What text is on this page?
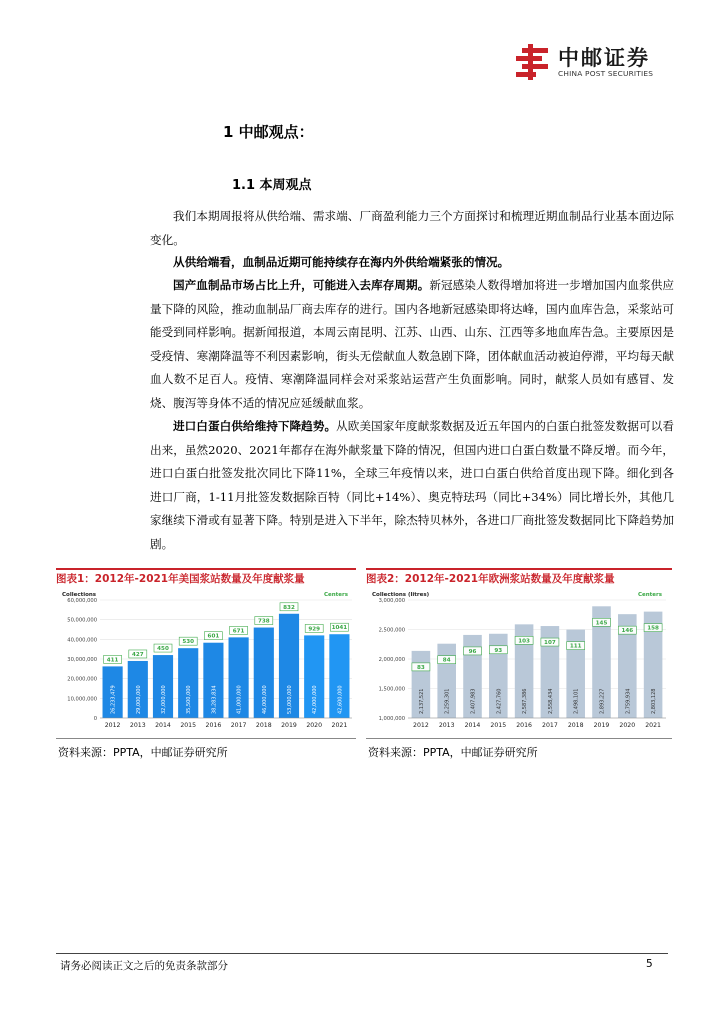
中邮证券
CHINA POST SECURITIES
1 中邮观点：
1.1 本周观点
我们本期周报将从供给端、需求端、厂商盈利能力三个方面探讨和梳理近期血制品行业基本面边际变化。
从供给端看，血制品近期可能持续存在海内外供给端紧张的情况。
国产血制品市场占比上升，可能进入去库存周期。新冠感染人数得增加将进一步增加国内血浆供应量下降的风险，推动血制品厂商去库存的进行。国内各地新冠感染即将达峰，国内血库告急，采浆站可能受到同样影响。据新闻报道，本周云南昆明、江苏、山西、山东、江西等多地血库告急。主要原因是受疫情、寒潮降温等不利因素影响，街头无偿献血人数急剧下降，团体献血活动被迫停滞，平均每天献血人数不足百人。疫情、寒潮降温同样会对采浆站运营产生负面影响。同时，献浆人员如有感冒、发烧、腹泻等身体不适的情况应延缓献血浆。
进口白蛋白供给维持下降趋势。从欧美国家年度献浆数据及近五年国内的白蛋白批签发数据可以看出来，虽然2020、2021年都存在海外献浆量下降的情况，但国内进口白蛋白数量不降反增。而今年，进口白蛋白批签发批次同比下降11%，全球三年疫情以来，进口白蛋白供给首度出现下降。细化到各进口厂商，1-11月批签发数据除百特（同比+14%）、奥克特珐玛（同比+34%）同比增长外，其他几家继续下滑或有显著下降。特别是进入下半年，除杰特贝林外，各进口厂商批签发数据同比下降趋势加剧。
图表1：2012年-2021年美国浆站数量及年度献浆量
Collections	Centers
0
10,000,000
20,000,000
30,000,000
40,000,000
50,000,000
60,000,000
26,233,479
411
2012
29,000,000
427
2013
32,000,000
450
2014
35,500,000
530
2015
38,283,834
601
2016
41,000,000
671
2017
46,000,000
738
2018
53,000,000
832
2019
42,000,000
929
2020
42,600,000
1041
2021
图表2：2012年-2021年欧洲浆站数量及年度献浆量
Collections (litres)	Centers
1,000,000
1,500,000
2,000,000
2,500,000
3,000,000
2,137,521
83
2012
2,259,301
84
2013
2,407,983
96
2014
2,427,760
93
2015
2,587,386
103
2016
2,558,434
107
2017
2,498,101
111
2018
2,893,227
145
2019
2,759,934
146
2020
2,803,128
158
2021
资料来源：PPTA，中邮证券研究所	资料来源：PPTA，中邮证券研究所
请务必阅读正文之后的免责条款部分	5
